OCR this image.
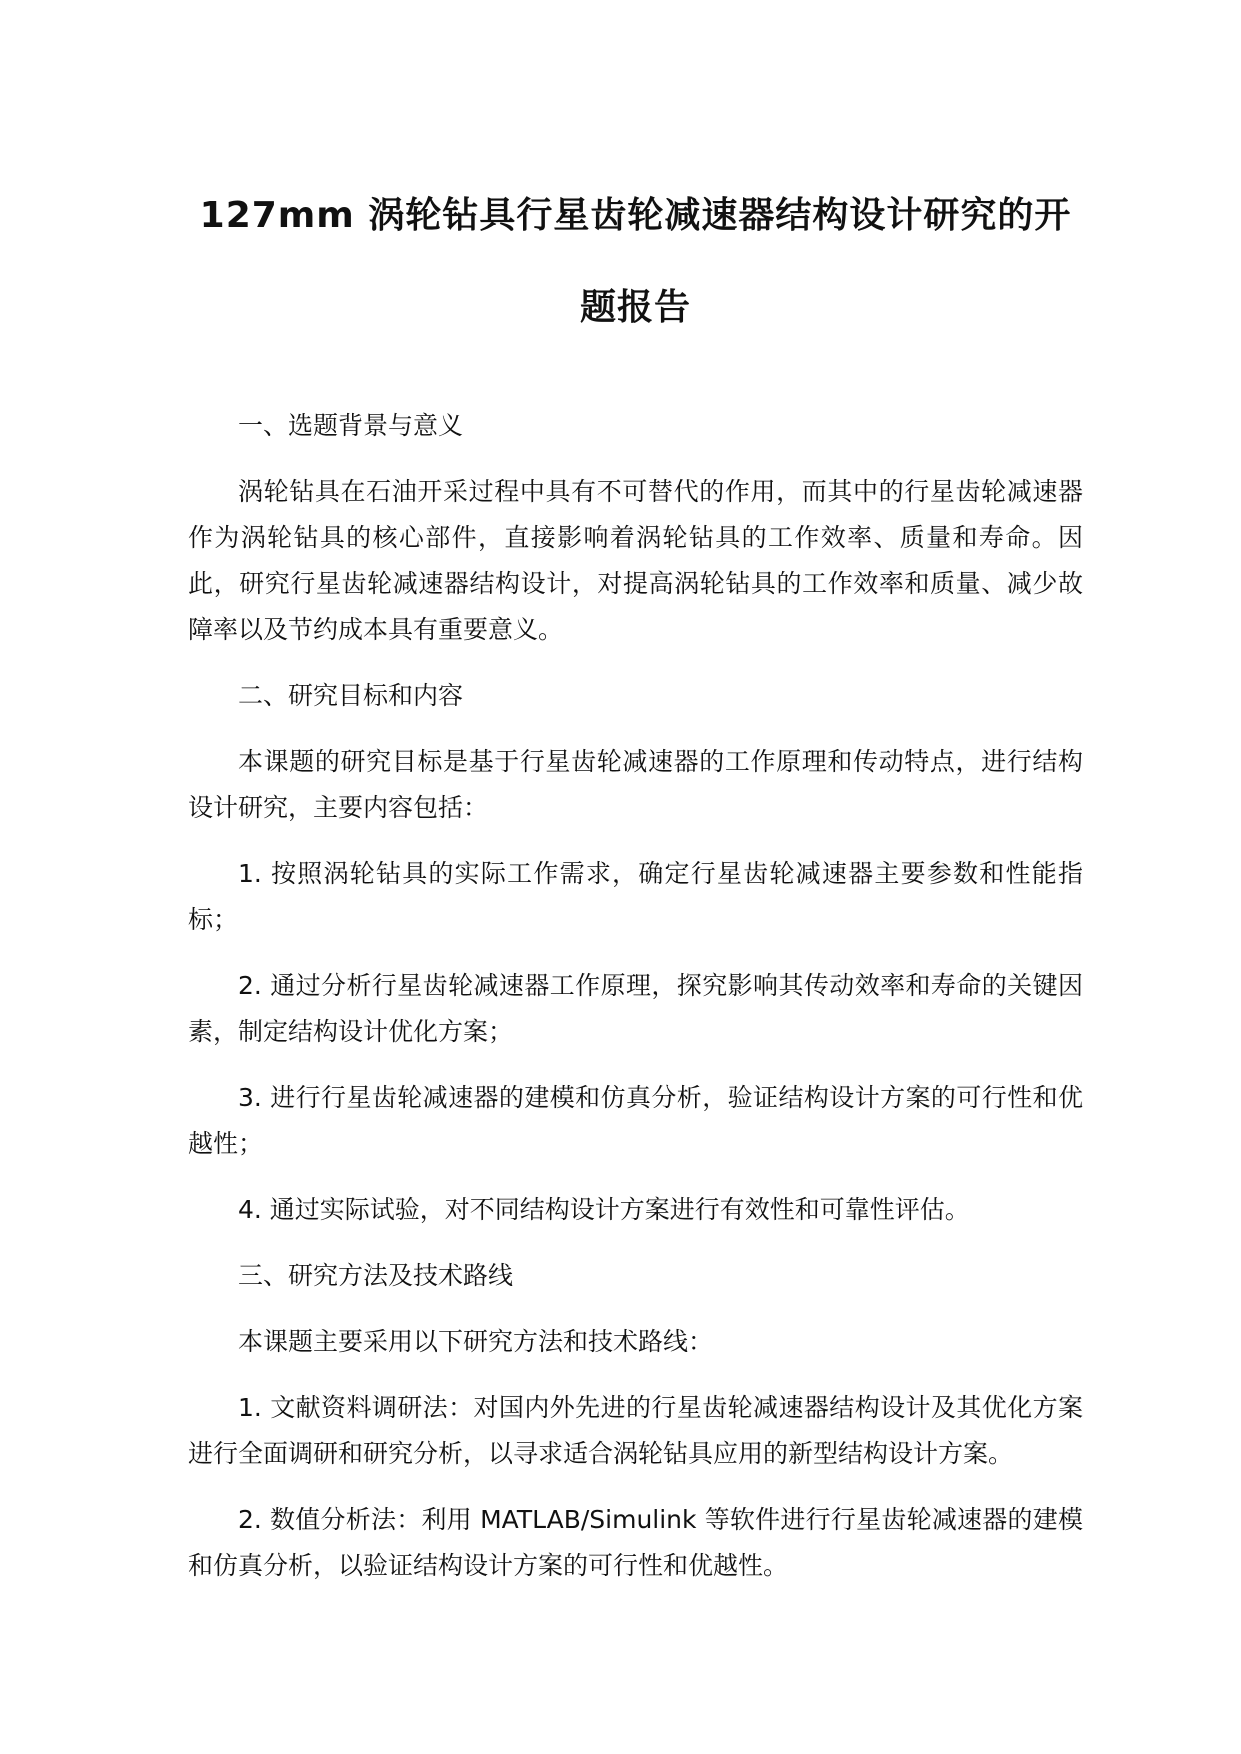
127mm 涡轮钻具行星齿轮减速器结构设计研究的开
题报告

一、选题背景与意义

涡轮钻具在石油开采过程中具有不可替代的作用，而其中的行星齿轮减速器作为涡轮钻具的核心部件，直接影响着涡轮钻具的工作效率、质量和寿命。因此，研究行星齿轮减速器结构设计，对提高涡轮钻具的工作效率和质量、减少故障率以及节约成本具有重要意义。

二、研究目标和内容

本课题的研究目标是基于行星齿轮减速器的工作原理和传动特点，进行结构设计研究，主要内容包括：

1. 按照涡轮钻具的实际工作需求，确定行星齿轮减速器主要参数和性能指标；

2. 通过分析行星齿轮减速器工作原理，探究影响其传动效率和寿命的关键因素，制定结构设计优化方案；

3. 进行行星齿轮减速器的建模和仿真分析，验证结构设计方案的可行性和优越性；

4. 通过实际试验，对不同结构设计方案进行有效性和可靠性评估。

三、研究方法及技术路线

本课题主要采用以下研究方法和技术路线：

1. 文献资料调研法：对国内外先进的行星齿轮减速器结构设计及其优化方案进行全面调研和研究分析，以寻求适合涡轮钻具应用的新型结构设计方案。

2. 数值分析法：利用 MATLAB/Simulink 等软件进行行星齿轮减速器的建模和仿真分析，以验证结构设计方案的可行性和优越性。
